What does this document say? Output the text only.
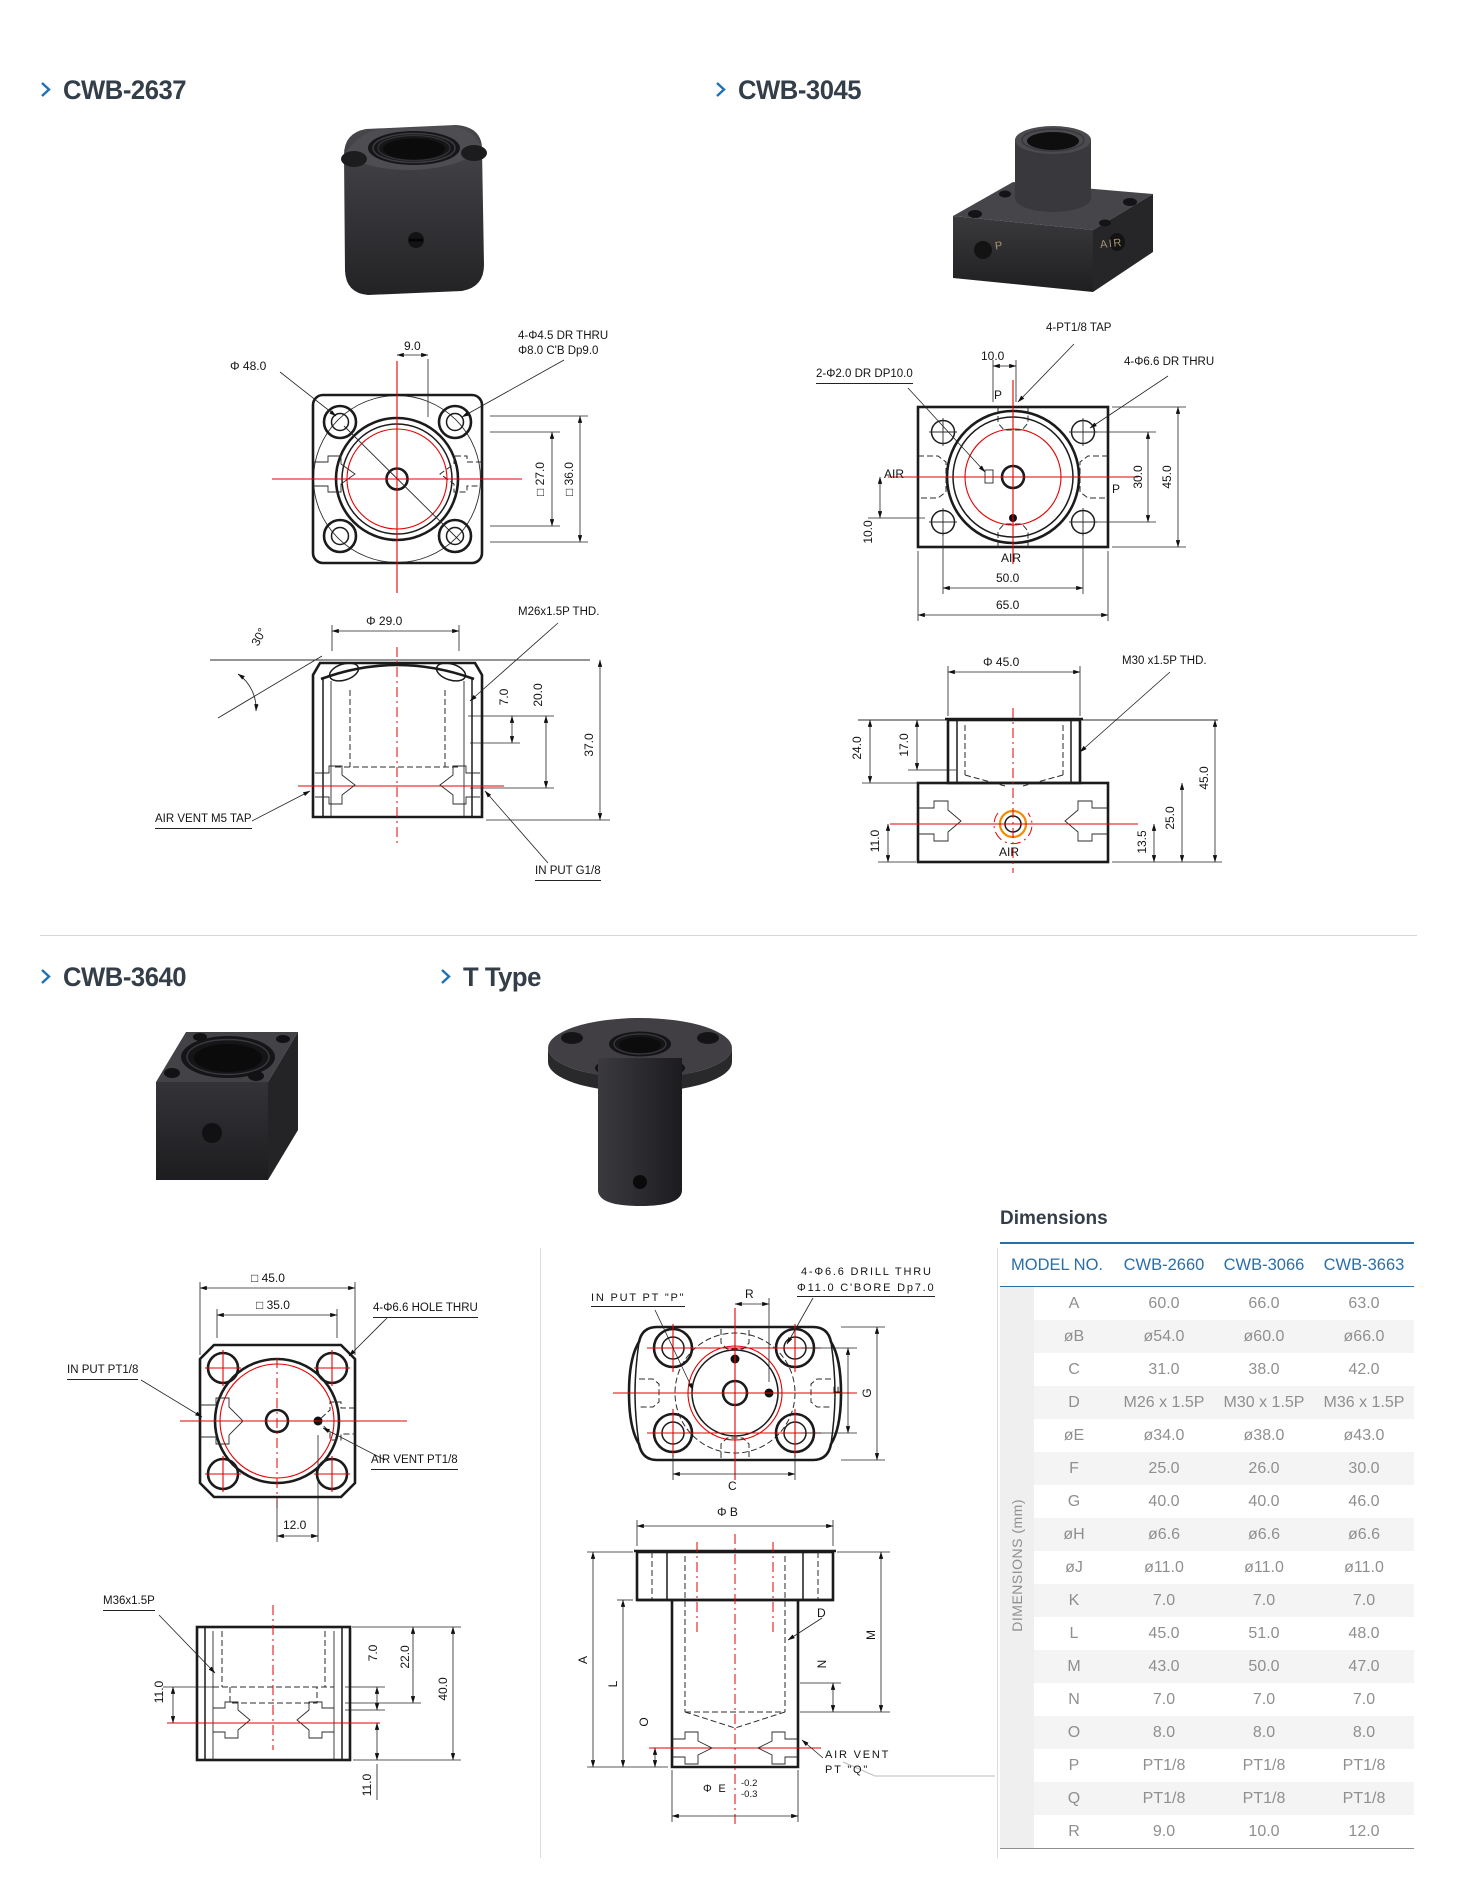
CWB-2637	CWB-3045
CWB-3640	T Type
P	AIR
Φ 48.0
9.0
4-Φ4.5 DR THRU
Φ8.0 C'B Dp9.0
□ 27.0 □ 36.0
30°
Φ 29.0
M26x1.5P THD.
7.0 20.0
37.0
AIR VENT M5 TAP
IN PUT G1/8
4-PT1/8 TAP
10.0
2-Φ2.0 DR DP10.0
4-Φ6.6 DR THRU
P
AIR
P
30.0 45.0
10.0
AIR
50.0
65.0
Φ 45.0	M30 x1.5P THD.
24.0	17.0
45.0
11.0	13.5
25.0
AIR
□ 45.0
□ 35.0	4-Φ6.6 HOLE THRU
IN PUT PT1/8
AIR VENT PT1/8
12.0
M36x1.5P
11.0
7.0 22.0
40.0
11.0
IN PUT PT "P"	R
4-Φ6.6 DRILL THRU
Φ11.0 C'BORE Dp7.0
F G
C
Φ B
A
L
O
D
M
N
AIR VENT
PT "Q"
Φ E -0.2
-0.3
Dimensions
MODEL NO.		CWB-2660	CWB-3066	CWB-3663
DIMENSIONS (mm)	A	60.0	66.0	63.0
	øB	ø54.0	ø60.0	ø66.0
	C	31.0	38.0	42.0
	D	M26 x 1.5P	M30 x 1.5P	M36 x 1.5P
	øE	ø34.0	ø38.0	ø43.0
	F	25.0	26.0	30.0
	G	40.0	40.0	46.0
	øH	ø6.6	ø6.6	ø6.6
	øJ	ø11.0	ø11.0	ø11.0
	K	7.0	7.0	7.0
	L	45.0	51.0	48.0
	M	43.0	50.0	47.0
	N	7.0	7.0	7.0
	O	8.0	8.0	8.0
	P	PT1/8	PT1/8	PT1/8
	Q	PT1/8	PT1/8	PT1/8
	R	9.0	10.0	12.0
